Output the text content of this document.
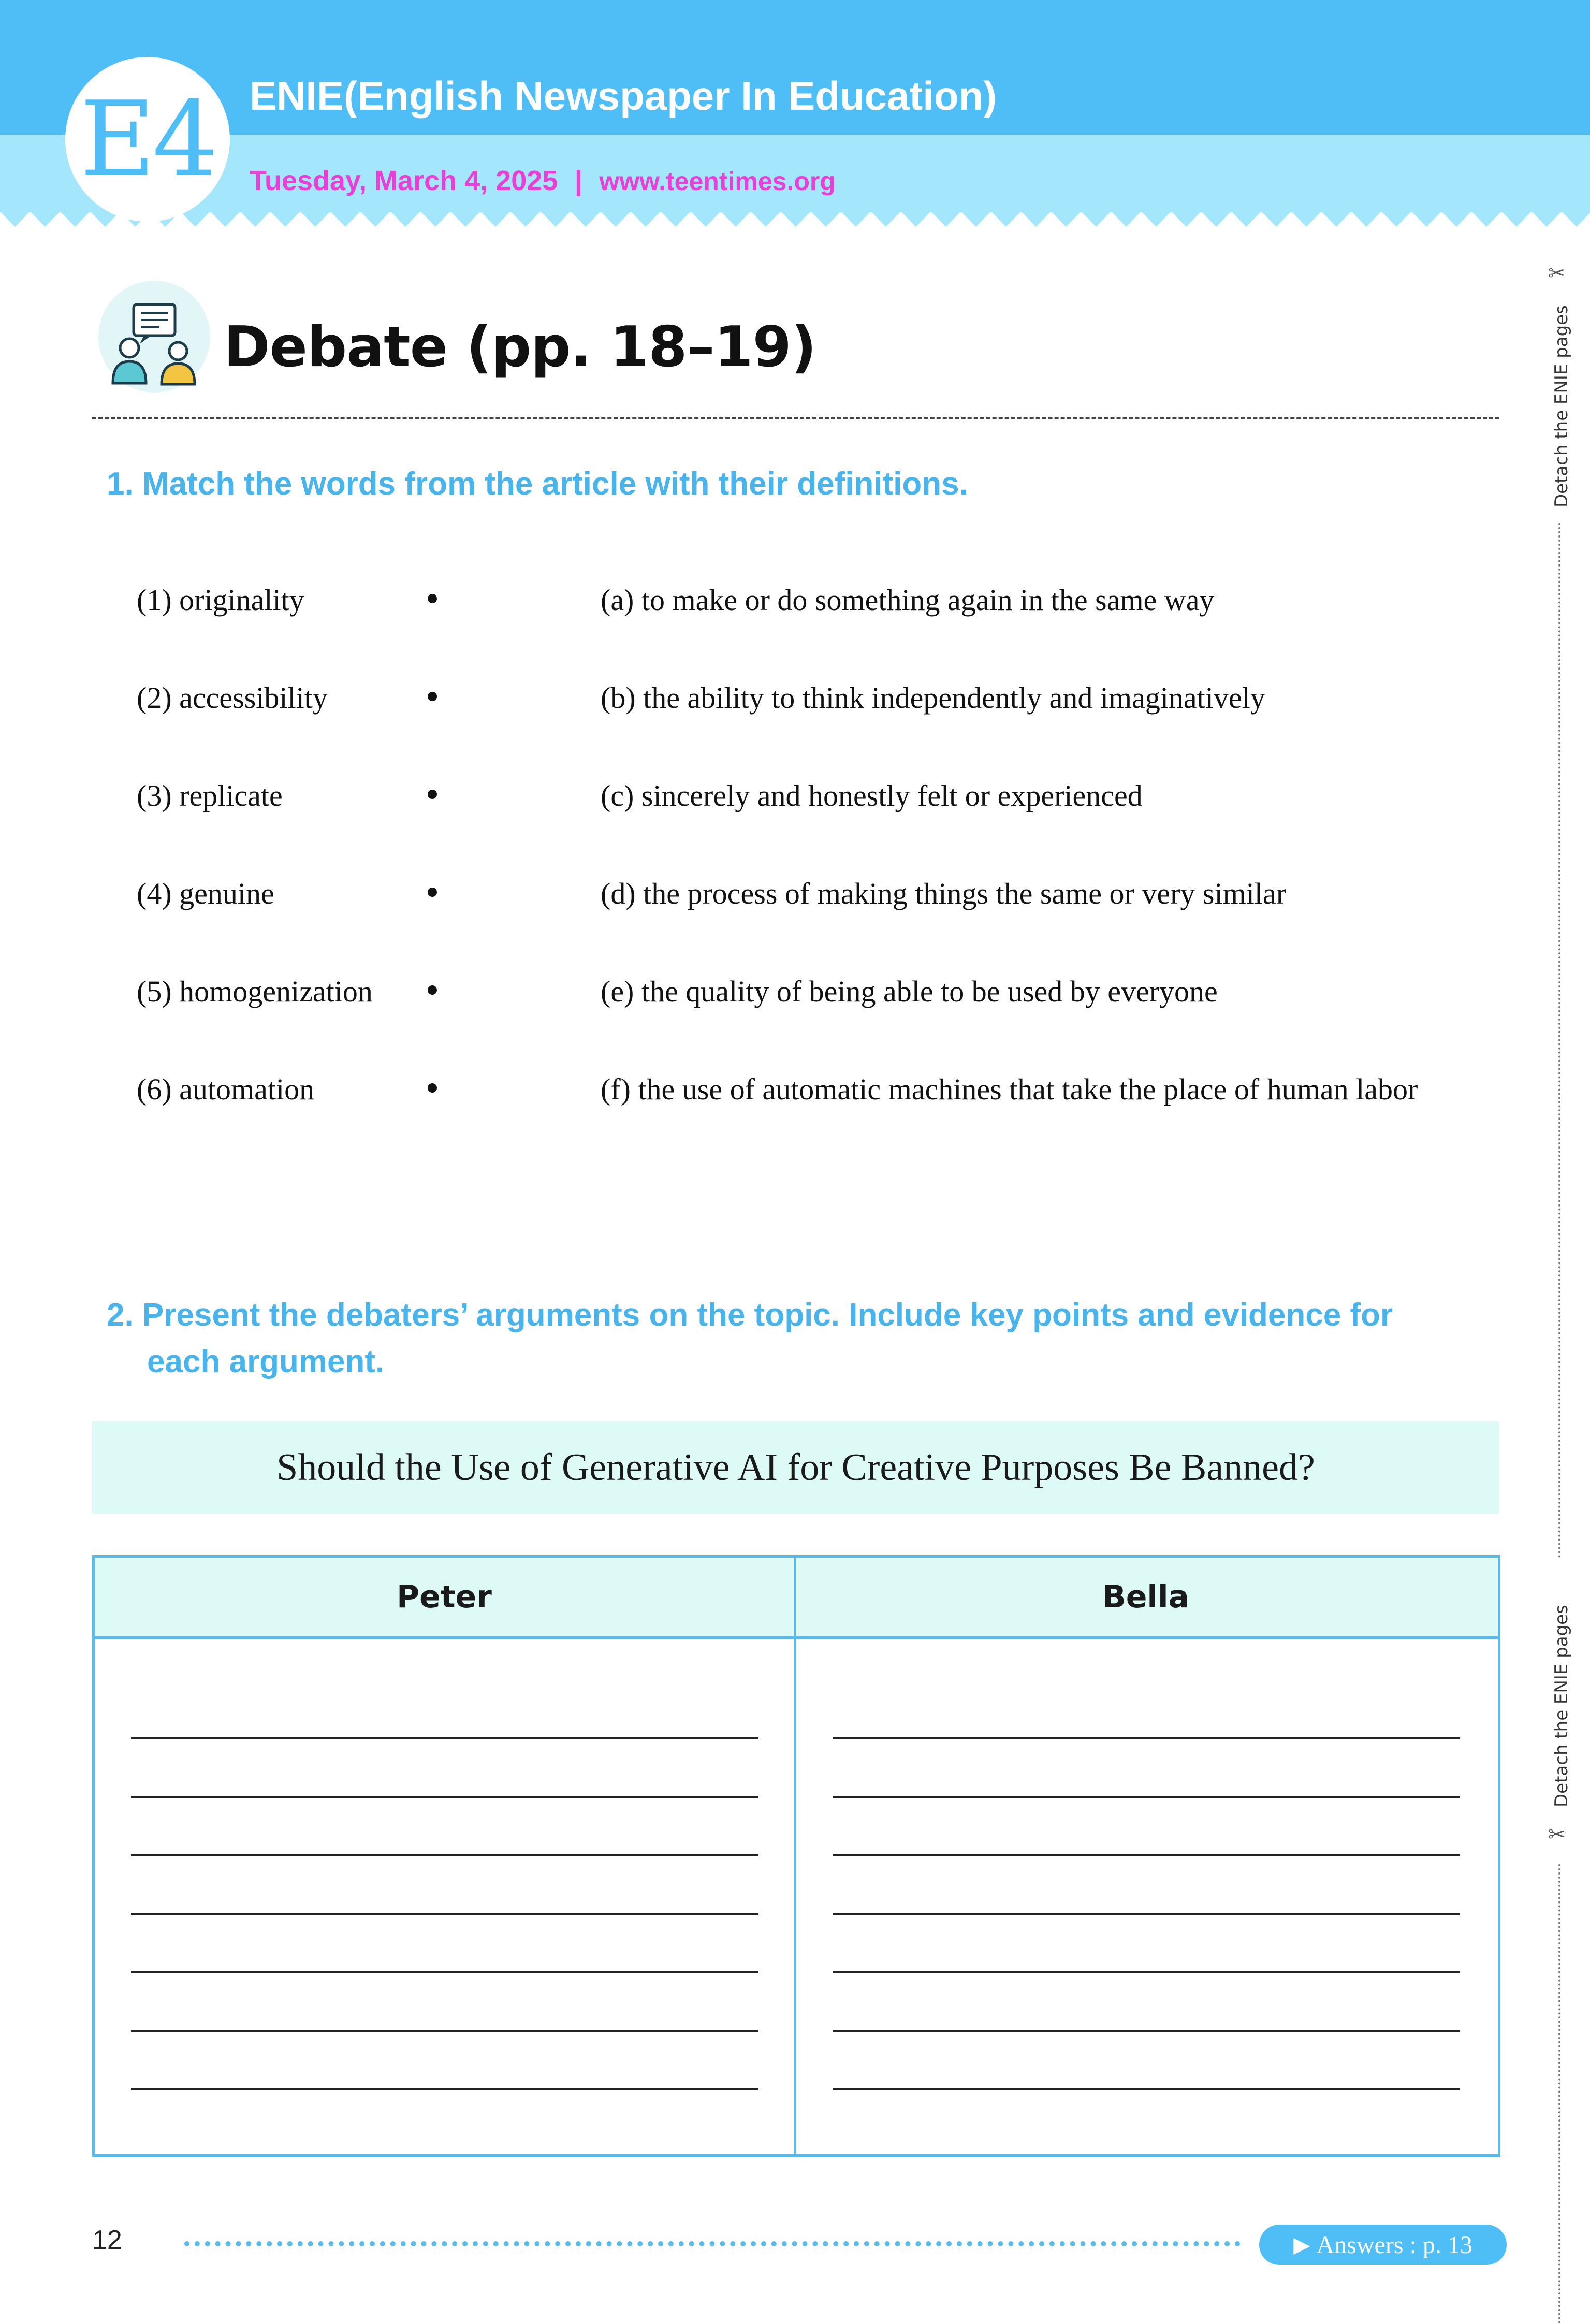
E4 ENIE(English Newspaper In Education)
Tuesday, March 4, 2025 | www.teentimes.org
Detach the ENIE pages
Detach the ENIE pages
✂
✂
Debate (pp. 18–19)
1. Match the words from the article with their definitions.
(1) originality	(a) to make or do something again in the same way
(2) accessibility	(b) the ability to think independently and imaginatively
(3) replicate	(c) sincerely and honestly felt or experienced
(4) genuine	(d) the process of making things the same or very similar
(5) homogenization	(e) the quality of being able to be used by everyone
(6) automation	(f) the use of automatic machines that take the place of human labor
2. Present the debaters’ arguments on the topic. Include key points and evidence for
each argument.
Should the Use of Generative AI for Creative Purposes Be Banned?
Peter	Bella
12	▶ Answers : p. 13
